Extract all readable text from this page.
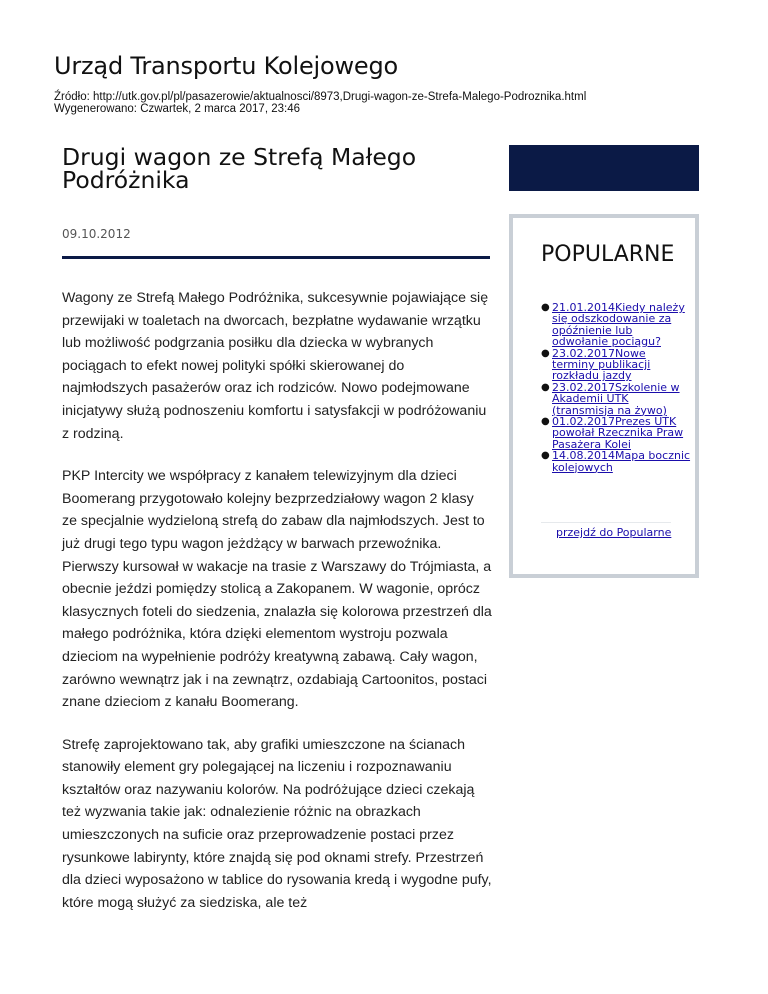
Urząd Transportu Kolejowego
Źródło: http://utk.gov.pl/pl/pasazerowie/aktualnosci/8973,Drugi-wagon-ze-Strefa-Malego-Podroznika.html
Wygenerowano: Czwartek, 2 marca 2017, 23:46
Drugi wagon ze Strefą Małego Podróżnika
09.10.2012

Wagony ze Strefą Małego Podróżnika, sukcesywnie pojawiające się przewijaki w toaletach na dworcach, bezpłatne wydawanie wrzątku lub możliwość podgrzania posiłku dla dziecka w wybranych pociągach to efekt nowej polityki spółki skierowanej do najmłodszych pasażerów oraz ich rodziców. Nowo podejmowane inicjatywy służą podnoszeniu komfortu i satysfakcji w podróżowaniu z rodziną.

PKP Intercity we współpracy z kanałem telewizyjnym dla dzieci Boomerang przygotowało kolejny bezprzedziałowy wagon 2 klasy ze specjalnie wydzieloną strefą do zabaw dla najmłodszych. Jest to już drugi tego typu wagon jeżdżący w barwach przewoźnika. Pierwszy kursował w wakacje na trasie z Warszawy do Trójmiasta, a obecnie jeździ pomiędzy stolicą a Zakopanem. W wagonie, oprócz klasycznych foteli do siedzenia, znalazła się kolorowa przestrzeń dla małego podróżnika, która dzięki elementom wystroju pozwala dzieciom na wypełnienie podróży kreatywną zabawą. Cały wagon, zarówno wewnątrz jak i na zewnątrz, ozdabiają Cartoonitos, postaci znane dzieciom z kanału Boomerang.

Strefę zaprojektowano tak, aby grafiki umieszczone na ścianach stanowiły element gry polegającej na liczeniu i rozpoznawaniu kształtów oraz nazywaniu kolorów. Na podróżujące dzieci czekają też wyzwania takie jak: odnalezienie różnic na obrazkach umieszczonych na suficie oraz przeprowadzenie postaci przez rysunkowe labirynty, które znajdą się pod oknami strefy. Przestrzeń dla dzieci wyposażono w tablice do rysowania kredą i wygodne pufy, które mogą służyć za siedziska, ale też

POPULARNE
● 21.01.2014Kiedy należy się odszkodowanie za opóźnienie lub odwołanie pociągu?
● 23.02.2017Nowe terminy publikacji rozkładu jazdy
● 23.02.2017Szkolenie w Akademii UTK (transmisja na żywo)
● 01.02.2017Prezes UTK powołał Rzecznika Praw Pasażera Kolei
● 14.08.2014Mapa bocznic kolejowych
przejdź do Popularne
